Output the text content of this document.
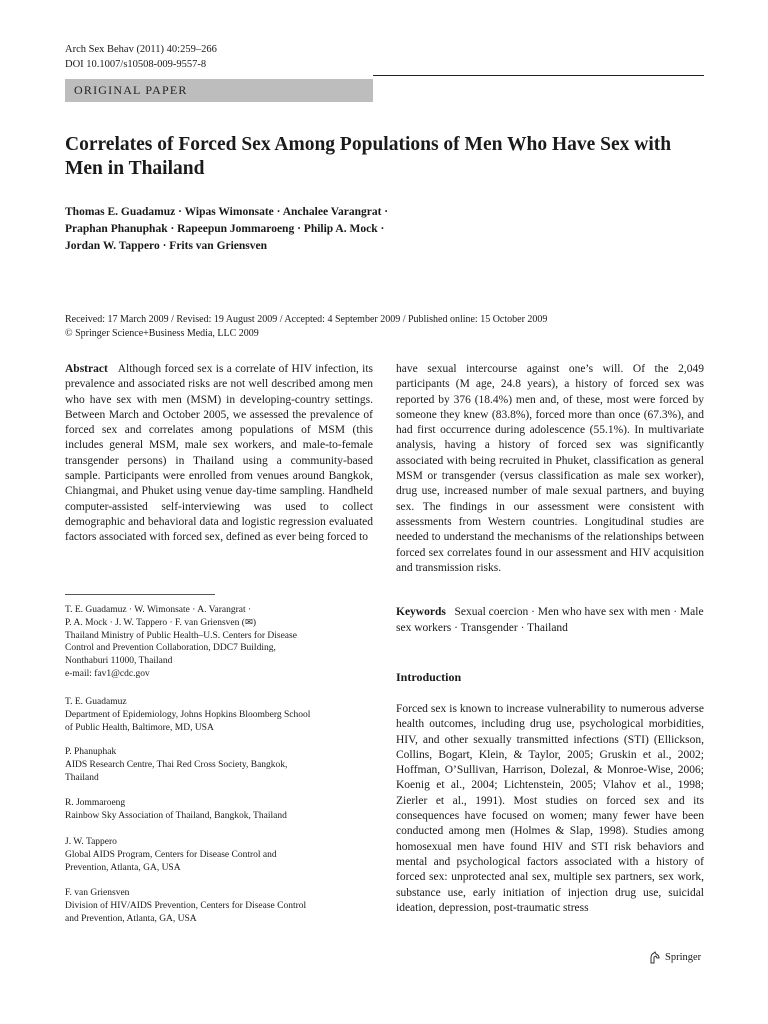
Arch Sex Behav (2011) 40:259–266
DOI 10.1007/s10508-009-9557-8
ORIGINAL PAPER
Correlates of Forced Sex Among Populations of Men Who Have Sex with Men in Thailand
Thomas E. Guadamuz · Wipas Wimonsate · Anchalee Varangrat ·
Praphan Phanuphak · Rapeepun Jommaroeng · Philip A. Mock ·
Jordan W. Tappero · Frits van Griensven
Received: 17 March 2009 / Revised: 19 August 2009 / Accepted: 4 September 2009 / Published online: 15 October 2009
© Springer Science+Business Media, LLC 2009
Abstract Although forced sex is a correlate of HIV infection, its prevalence and associated risks are not well described among men who have sex with men (MSM) in developing-country settings. Between March and October 2005, we assessed the prevalence of forced sex and correlates among populations of MSM (this includes general MSM, male sex workers, and male-to-female transgender persons) in Thailand using a community-based sample. Participants were enrolled from venues around Bangkok, Chiangmai, and Phuket using venue day-time sampling. Handheld computer-assisted self-interviewing was used to collect demographic and behavioral data and logistic regression evaluated factors associated with forced sex, defined as ever being forced to
have sexual intercourse against one’s will. Of the 2,049 participants (M age, 24.8 years), a history of forced sex was reported by 376 (18.4%) men and, of these, most were forced by someone they knew (83.8%), forced more than once (67.3%), and had first occurrence during adolescence (55.1%). In multivariate analysis, having a history of forced sex was significantly associated with being recruited in Phuket, classification as general MSM or transgender (versus classification as male sex worker), drug use, increased number of male sexual partners, and buying sex. The findings in our assessment were consistent with assessments from Western countries. Longitudinal studies are needed to understand the mechanisms of the relationships between forced sex correlates found in our assessment and HIV acquisition and transmission risks.
T. E. Guadamuz · W. Wimonsate · A. Varangrat ·
P. A. Mock · J. W. Tappero · F. van Griensven (✉)
Thailand Ministry of Public Health–U.S. Centers for Disease
Control and Prevention Collaboration, DDC7 Building,
Nonthaburi 11000, Thailand
e-mail: fav1@cdc.gov
T. E. Guadamuz
Department of Epidemiology, Johns Hopkins Bloomberg School
of Public Health, Baltimore, MD, USA
P. Phanuphak
AIDS Research Centre, Thai Red Cross Society, Bangkok,
Thailand
R. Jommaroeng
Rainbow Sky Association of Thailand, Bangkok, Thailand
J. W. Tappero
Global AIDS Program, Centers for Disease Control and
Prevention, Atlanta, GA, USA
F. van Griensven
Division of HIV/AIDS Prevention, Centers for Disease Control
and Prevention, Atlanta, GA, USA
Keywords Sexual coercion · Men who have sex with men · Male sex workers · Transgender · Thailand
Introduction
Forced sex is known to increase vulnerability to numerous adverse health outcomes, including drug use, psychological morbidities, HIV, and other sexually transmitted infections (STI) (Ellickson, Collins, Bogart, Klein, & Taylor, 2005; Gruskin et al., 2002; Hoffman, O’Sullivan, Harrison, Dolezal, & Monroe-Wise, 2006; Koenig et al., 2004; Lichtenstein, 2005; Vlahov et al., 1998; Zierler et al., 1991). Most studies on forced sex and its consequences have focused on women; many fewer have been conducted among men (Holmes & Slap, 1998). Studies among homosexual men have found HIV and STI risk behaviors and mental and psychological factors associated with a history of forced sex: unprotected anal sex, multiple sex partners, sex work, substance use, early initiation of injection drug use, suicidal ideation, depression, post-traumatic stress
Springer
